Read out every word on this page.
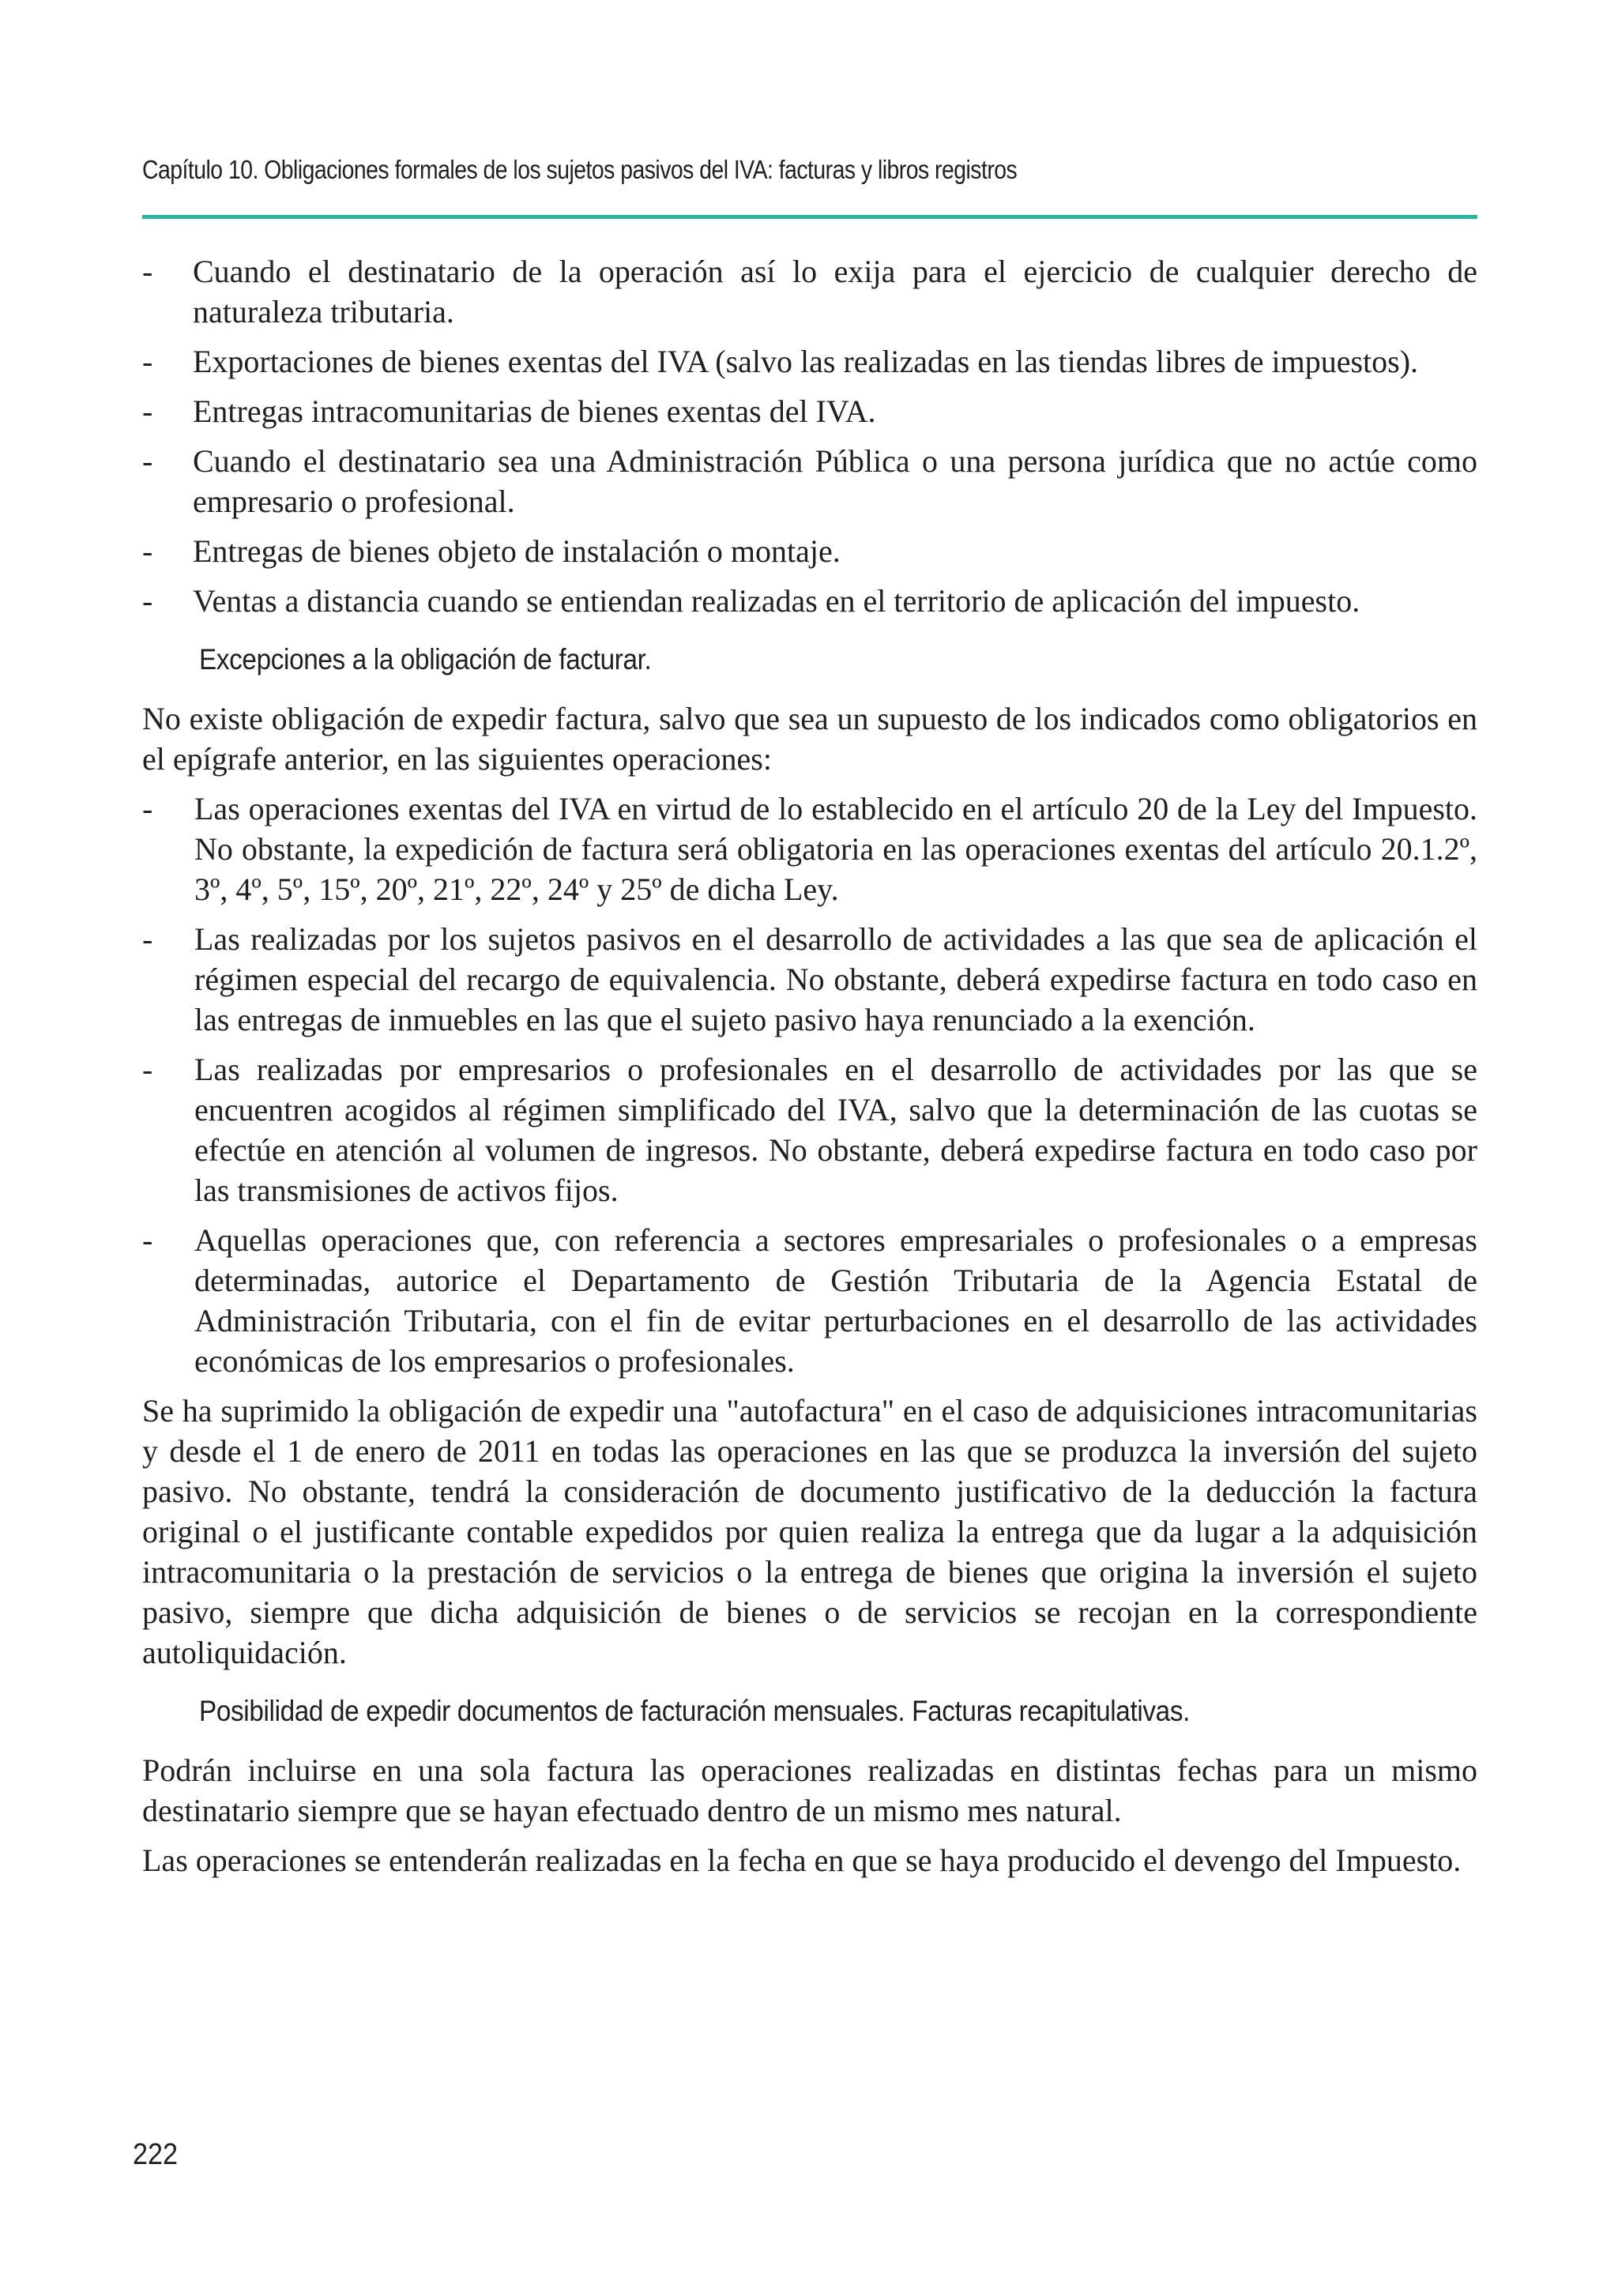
Capítulo 10. Obligaciones formales de los sujetos pasivos del IVA: facturas y libros registros
- Cuando el destinatario de la operación así lo exija para el ejercicio de cualquier derecho de naturaleza tributaria.
- Exportaciones de bienes exentas del IVA (salvo las realizadas en las tiendas libres de impuestos).
- Entregas intracomunitarias de bienes exentas del IVA.
- Cuando el destinatario sea una Administración Pública o una persona jurídica que no actúe como empresario o profesional.
- Entregas de bienes objeto de instalación o montaje.
- Ventas a distancia cuando se entiendan realizadas en el territorio de aplicación del impuesto.
Excepciones a la obligación de facturar.

No existe obligación de expedir factura, salvo que sea un supuesto de los indicados como obligatorios en el epígrafe anterior, en las siguientes operaciones:

- Las operaciones exentas del IVA en virtud de lo establecido en el artículo 20 de la Ley del Impuesto. No obstante, la expedición de factura será obligatoria en las operaciones exentas del artículo 20.1.2º, 3º, 4º, 5º, 15º, 20º, 21º, 22º, 24º y 25º de dicha Ley.
- Las realizadas por los sujetos pasivos en el desarrollo de actividades a las que sea de aplicación el régimen especial del recargo de equivalencia. No obstante, deberá expedirse factura en todo caso en las entregas de inmuebles en las que el sujeto pasivo haya renunciado a la exención.
- Las realizadas por empresarios o profesionales en el desarrollo de actividades por las que se encuentren acogidos al régimen simplificado del IVA, salvo que la determinación de las cuotas se efectúe en atención al volumen de ingresos. No obstante, deberá expedirse factura en todo caso por las transmisiones de activos fijos.
- Aquellas operaciones que, con referencia a sectores empresariales o profesionales o a empresas determinadas, autorice el Departamento de Gestión Tributaria de la Agencia Estatal de Administración Tributaria, con el fin de evitar perturbaciones en el desarrollo de las actividades económicas de los empresarios o profesionales.

Se ha suprimido la obligación de expedir una "autofactura" en el caso de adquisiciones intracomunitarias y desde el 1 de enero de 2011 en todas las operaciones en las que se produzca la inversión del sujeto pasivo. No obstante, tendrá la consideración de documento justificativo de la deducción la factura original o el justificante contable expedidos por quien realiza la entrega que da lugar a la adquisición intracomunitaria o la prestación de servicios o la entrega de bienes que origina la inversión el sujeto pasivo, siempre que dicha adquisición de bienes o de servicios se recojan en la correspondiente autoliquidación.

Posibilidad de expedir documentos de facturación mensuales. Facturas recapitulativas.

Podrán incluirse en una sola factura las operaciones realizadas en distintas fechas para un mismo destinatario siempre que se hayan efectuado dentro de un mismo mes natural.

Las operaciones se entenderán realizadas en la fecha en que se haya producido el devengo del Impuesto.

222
